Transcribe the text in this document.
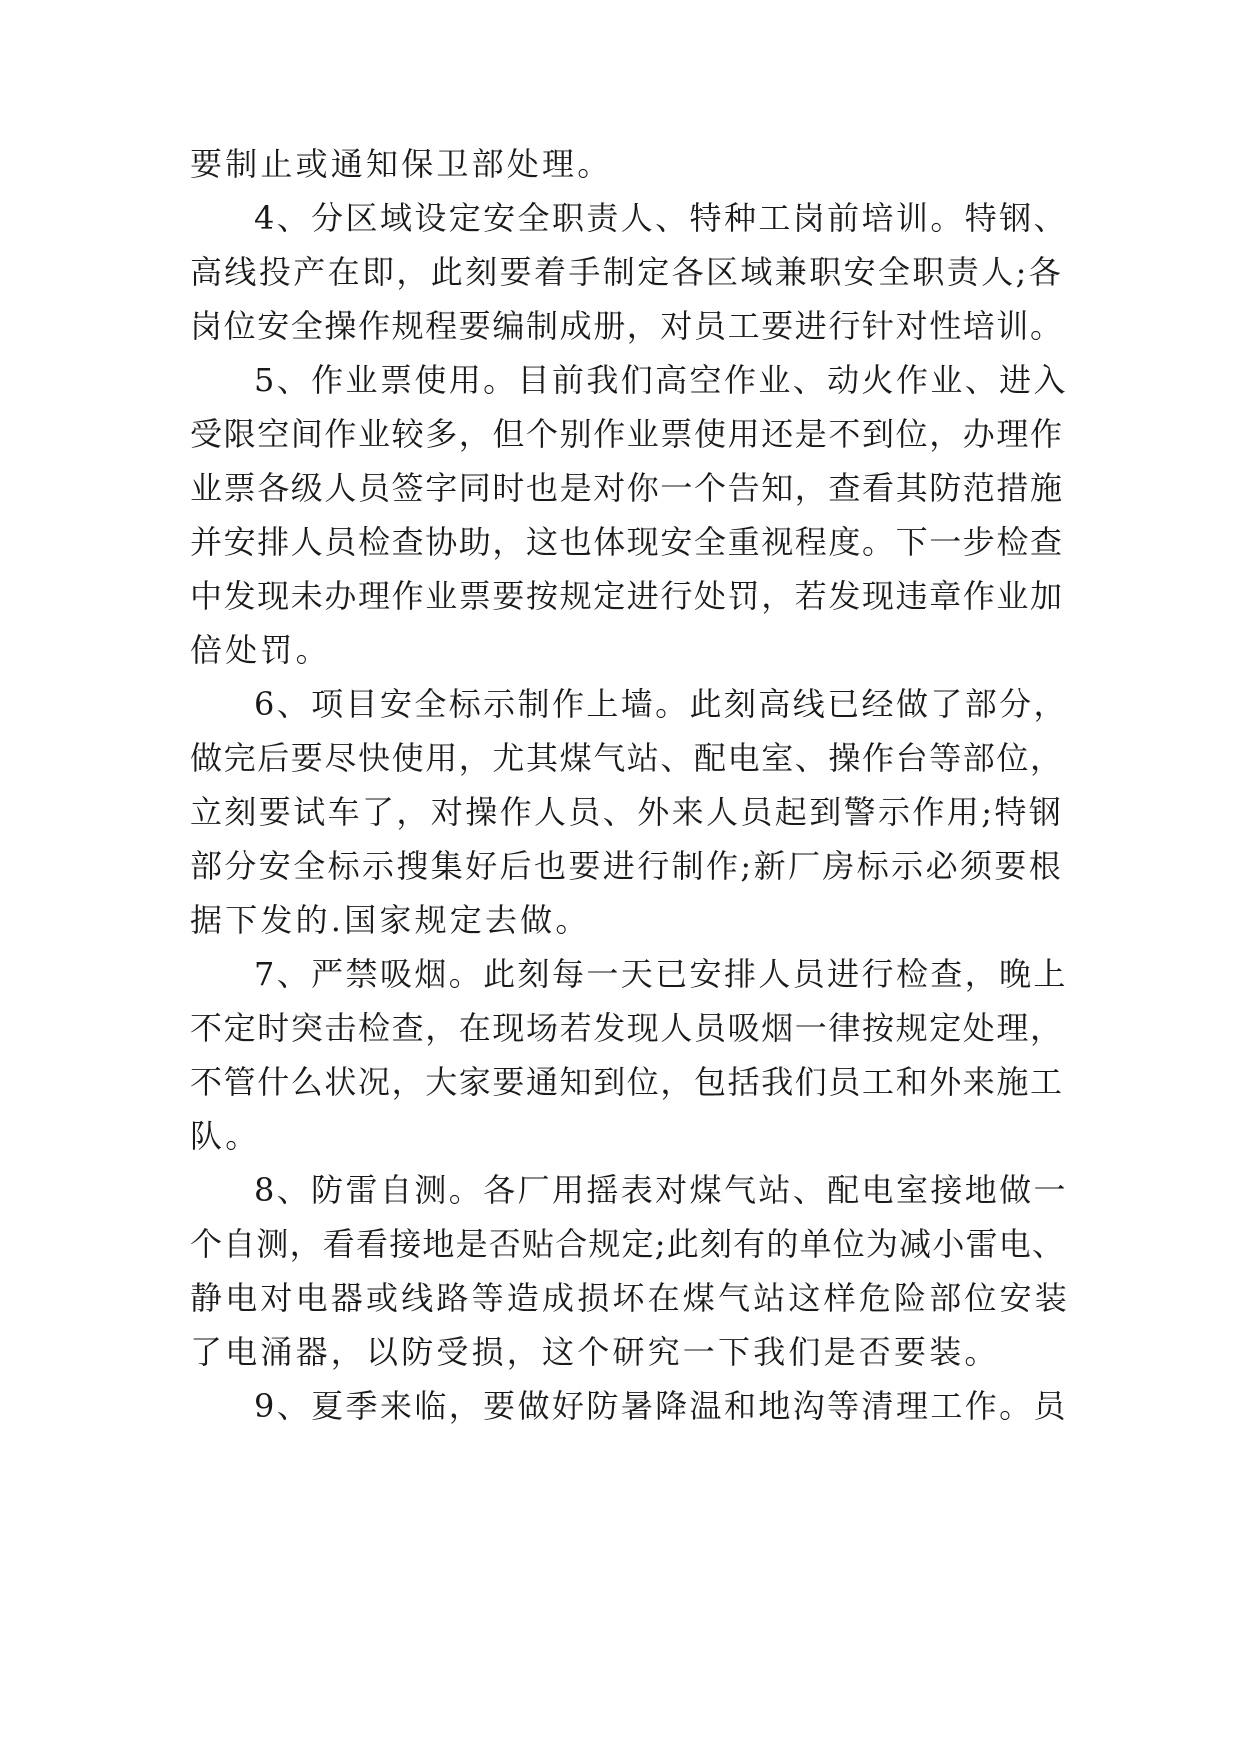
要制止或通知保卫部处理。

4、分区域设定安全职责人、特种工岗前培训。特钢、

高线投产在即，此刻要着手制定各区域兼职安全职责人;各

岗位安全操作规程要编制成册，对员工要进行针对性培训。

5、作业票使用。目前我们高空作业、动火作业、进入

受限空间作业较多，但个别作业票使用还是不到位，办理作

业票各级人员签字同时也是对你一个告知，查看其防范措施

并安排人员检查协助，这也体现安全重视程度。下一步检查

中发现未办理作业票要按规定进行处罚，若发现违章作业加

倍处罚。

6、项目安全标示制作上墙。此刻高线已经做了部分，

做完后要尽快使用，尤其煤气站、配电室、操作台等部位，

立刻要试车了，对操作人员、外来人员起到警示作用;特钢

部分安全标示搜集好后也要进行制作;新厂房标示必须要根

据下发的.国家规定去做。

7、严禁吸烟。此刻每一天已安排人员进行检查，晚上

不定时突击检查，在现场若发现人员吸烟一律按规定处理，

不管什么状况，大家要通知到位，包括我们员工和外来施工

队。

8、防雷自测。各厂用摇表对煤气站、配电室接地做一

个自测，看看接地是否贴合规定;此刻有的单位为减小雷电、

静电对电器或线路等造成损坏在煤气站这样危险部位安装

了电涌器，以防受损，这个研究一下我们是否要装。

9、夏季来临，要做好防暑降温和地沟等清理工作。员
